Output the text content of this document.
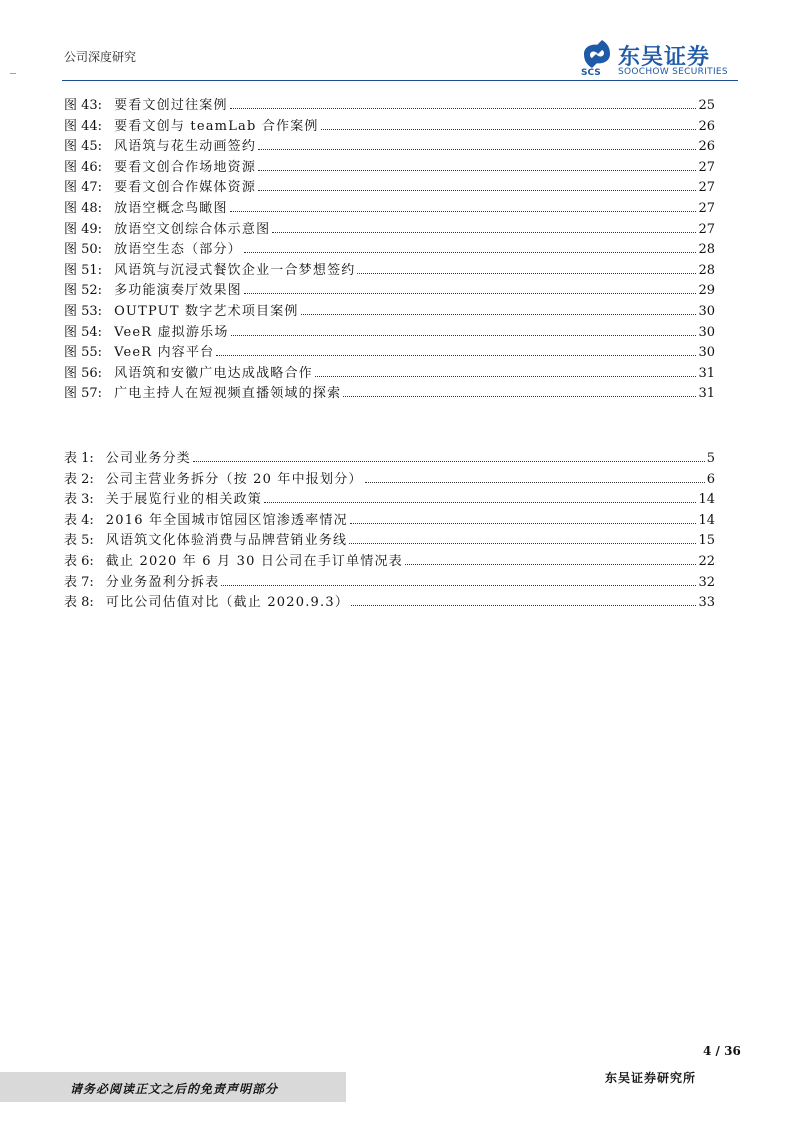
公司深度研究
_	SCS
东吴证券
SOOCHOW SECURITIES
图 43: 要看文创过往案例	25
图 44: 要看文创与 teamLab 合作案例	26
图 45: 风语筑与花生动画签约	26
图 46: 要看文创合作场地资源	27
图 47: 要看文创合作媒体资源	27
图 48: 放语空概念鸟瞰图	27
图 49: 放语空文创综合体示意图	27
图 50: 放语空生态（部分）	28
图 51: 风语筑与沉浸式餐饮企业一合梦想签约	28
图 52: 多功能演奏厅效果图	29
图 53: OUTPUT 数字艺术项目案例	30
图 54: VeeR 虚拟游乐场	30
图 55: VeeR 内容平台	30
图 56: 风语筑和安徽广电达成战略合作	31
图 57: 广电主持人在短视频直播领域的探索	31
表 1: 公司业务分类	5
表 2: 公司主营业务拆分（按 20 年中报划分）	6
表 3: 关于展览行业的相关政策	14
表 4: 2016 年全国城市馆园区馆渗透率情况	14
表 5: 风语筑文化体验消费与品牌营销业务线	15
表 6: 截止 2020 年 6 月 30 日公司在手订单情况表	22
表 7: 分业务盈利分拆表	32
表 8: 可比公司估值对比（截止 2020.9.3）	33
4 / 36
请务必阅读正文之后的免责声明部分
东吴证券研究所
